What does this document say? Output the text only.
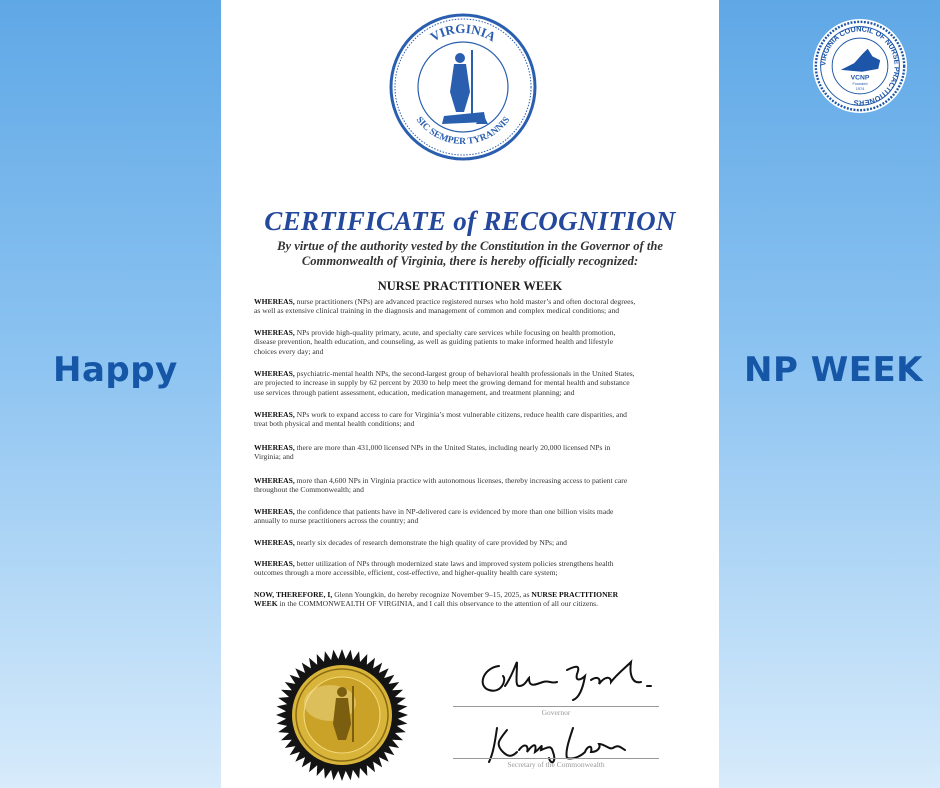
Happy	NP WEEK
VIRGINIA COUNCIL OF NURSE PRACTITIONERS
VCNP
Founded
1974
VIRGINIA
SIC SEMPER TYRANNIS
CERTIFICATE of RECOGNITION
By virtue of the authority vested by the Constitution in the Governor of the
Commonwealth of Virginia, there is hereby officially recognized:
NURSE PRACTITIONER WEEK
WHEREAS, nurse practitioners (NPs) are advanced practice registered nurses who hold master’s and often doctoral degrees,
as well as extensive clinical training in the diagnosis and management of common and complex medical conditions; and
WHEREAS, NPs provide high-quality primary, acute, and specialty care services while focusing on health promotion,
disease prevention, health education, and counseling, as well as guiding patients to make informed health and lifestyle
choices every day; and
WHEREAS, psychiatric-mental health NPs, the second-largest group of behavioral health professionals in the United States,
are projected to increase in supply by 62 percent by 2030 to help meet the growing demand for mental health and substance
use services through patient assessment, education, medication management, and treatment planning; and
WHEREAS, NPs work to expand access to care for Virginia’s most vulnerable citizens, reduce health care disparities, and
treat both physical and mental health conditions; and
WHEREAS, there are more than 431,000 licensed NPs in the United States, including nearly 20,000 licensed NPs in
Virginia; and
WHEREAS, more than 4,600 NPs in Virginia practice with autonomous licenses, thereby increasing access to patient care
throughout the Commonwealth; and
WHEREAS, the confidence that patients have in NP-delivered care is evidenced by more than one billion visits made
annually to nurse practitioners across the country; and
WHEREAS, nearly six decades of research demonstrate the high quality of care provided by NPs; and
WHEREAS, better utilization of NPs through modernized state laws and improved system policies strengthens health
outcomes through a more accessible, efficient, cost-effective, and higher-quality health care system;
NOW, THEREFORE, I, Glenn Youngkin, do hereby recognize November 9–15, 2025, as NURSE PRACTITIONER
WEEK in the COMMONWEALTH OF VIRGINIA, and I call this observance to the attention of all our citizens.
Governor
Secretary of the Commonwealth
